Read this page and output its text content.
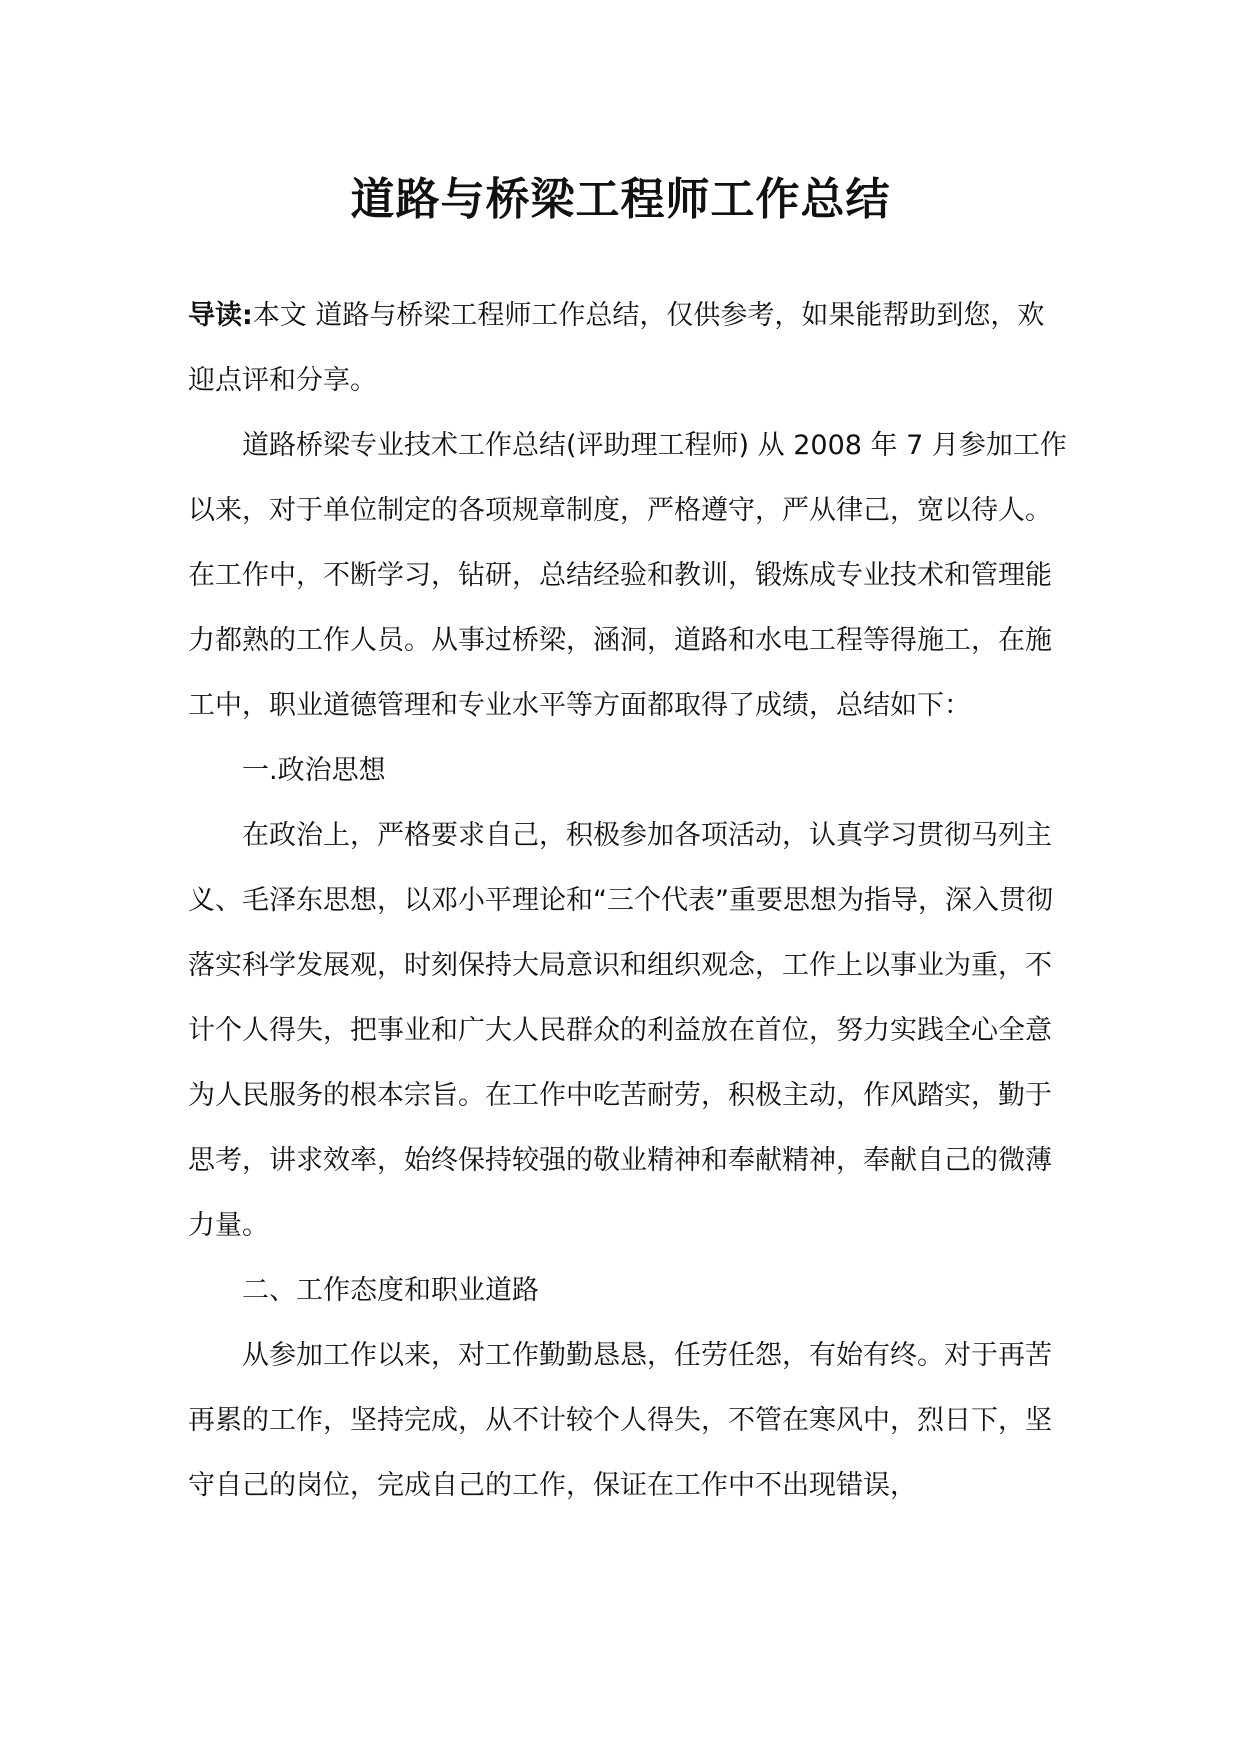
道路与桥梁工程师工作总结

导读:本文 道路与桥梁工程师工作总结，仅供参考，如果能帮助到您，欢迎点评和分享。

道路桥梁专业技术工作总结(评助理工程师) 从 2008 年 7 月参加工作以来，对于单位制定的各项规章制度，严格遵守，严从律己，宽以待人。在工作中，不断学习，钻研，总结经验和教训，锻炼成专业技术和管理能力都熟的工作人员。从事过桥梁，涵洞，道路和水电工程等得施工，在施工中，职业道德管理和专业水平等方面都取得了成绩，总结如下：

一.政治思想

在政治上，严格要求自己，积极参加各项活动，认真学习贯彻马列主义、毛泽东思想，以邓小平理论和“三个代表”重要思想为指导，深入贯彻落实科学发展观，时刻保持大局意识和组织观念，工作上以事业为重，不计个人得失，把事业和广大人民群众的利益放在首位，努力实践全心全意为人民服务的根本宗旨。在工作中吃苦耐劳，积极主动，作风踏实，勤于思考，讲求效率，始终保持较强的敬业精神和奉献精神，奉献自己的微薄力量。

二、工作态度和职业道路

从参加工作以来，对工作勤勤恳恳，任劳任怨，有始有终。对于再苦再累的工作，坚持完成，从不计较个人得失，不管在寒风中，烈日下，坚守自己的岗位，完成自己的工作，保证在工作中不出现错误，
